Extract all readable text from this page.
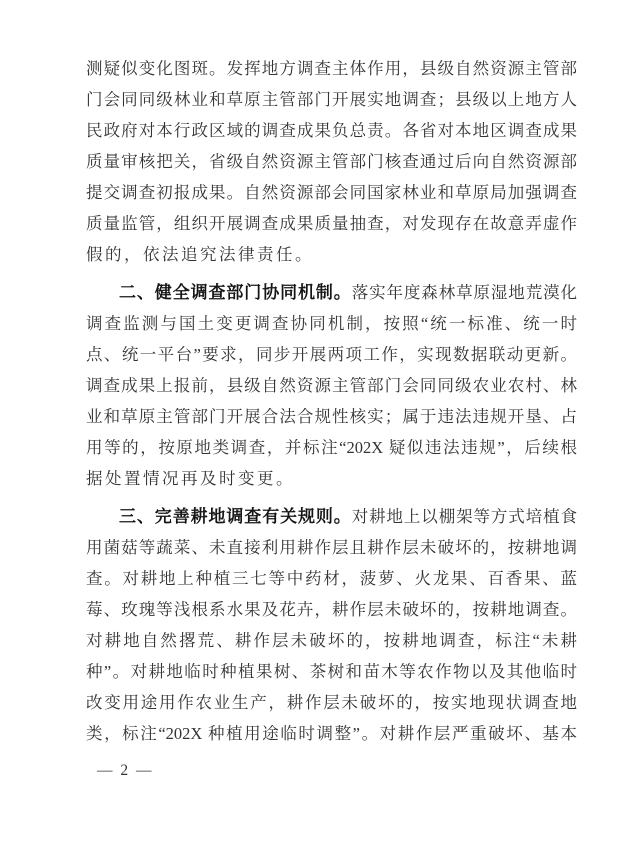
测疑似变化图斑。发挥地方调查主体作用，县级自然资源主管部
门会同同级林业和草原主管部门开展实地调查；县级以上地方人
民政府对本行政区域的调查成果负总责。各省对本地区调查成果
质量审核把关，省级自然资源主管部门核查通过后向自然资源部
提交调查初报成果。自然资源部会同国家林业和草原局加强调查
质量监管，组织开展调查成果质量抽查，对发现存在故意弄虚作
假的，依法追究法律责任。
二、健全调查部门协同机制。落实年度森林草原湿地荒漠化
调查监测与国土变更调查协同机制，按照“统一标准、统一时
点、统一平台”要求，同步开展两项工作，实现数据联动更新。
调查成果上报前，县级自然资源主管部门会同同级农业农村、林
业和草原主管部门开展合法合规性核实；属于违法违规开垦、占
用等的，按原地类调查，并标注“202X 疑似违法违规”，后续根
据处置情况再及时变更。
三、完善耕地调查有关规则。对耕地上以棚架等方式培植食
用菌菇等蔬菜、未直接利用耕作层且耕作层未破坏的，按耕地调
查。对耕地上种植三七等中药材，菠萝、火龙果、百香果、蓝
莓、玫瑰等浅根系水果及花卉，耕作层未破坏的，按耕地调查。
对耕地自然撂荒、耕作层未破坏的，按耕地调查，标注“未耕
种”。对耕地临时种植果树、茶树和苗木等农作物以及其他临时
改变用途用作农业生产，耕作层未破坏的，按实地现状调查地
类，标注“202X 种植用途临时调整”。对耕作层严重破坏、基本
— 2 —
